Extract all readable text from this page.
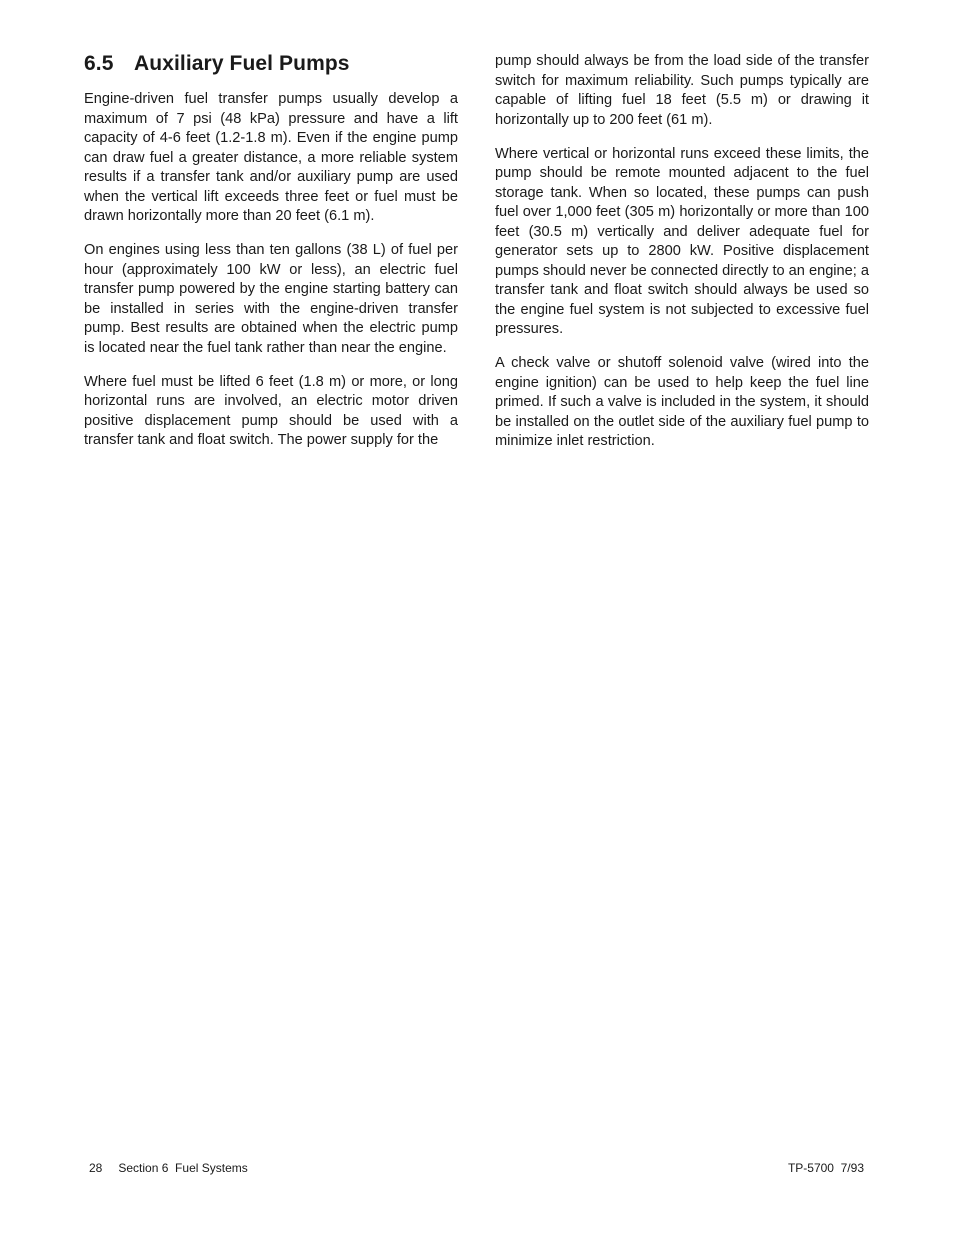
6.5 Auxiliary Fuel Pumps

Engine-driven fuel transfer pumps usually develop a maximum of 7 psi (48 kPa) pressure and have a lift capacity of 4-6 feet (1.2-1.8 m). Even if the engine pump can draw fuel a greater distance, a more reliable system results if a transfer tank and/or auxiliary pump are used when the vertical lift exceeds three feet or fuel must be drawn horizontally more than 20 feet (6.1 m).

On engines using less than ten gallons (38 L) of fuel per hour (approximately 100 kW or less), an electric fuel transfer pump powered by the engine starting battery can be installed in series with the engine-driven transfer pump. Best results are obtained when the electric pump is located near the fuel tank rather than near the engine.

Where fuel must be lifted 6 feet (1.8 m) or more, or long horizontal runs are involved, an electric motor driven positive displacement pump should be used with a transfer tank and float switch. The power supply for the

pump should always be from the load side of the transfer switch for maximum reliability. Such pumps typically are capable of lifting fuel 18 feet (5.5 m) or drawing it horizontally up to 200 feet (61 m).

Where vertical or horizontal runs exceed these limits, the pump should be remote mounted adjacent to the fuel storage tank. When so located, these pumps can push fuel over 1,000 feet (305 m) horizontally or more than 100 feet (30.5 m) vertically and deliver adequate fuel for generator sets up to 2800 kW. Positive displacement pumps should never be connected directly to an engine; a transfer tank and float switch should always be used so the engine fuel system is not subjected to excessive fuel pressures.

A check valve or shutoff solenoid valve (wired into the engine ignition) can be used to help keep the fuel line primed. If such a valve is included in the system, it should be installed on the outlet side of the auxiliary fuel pump to minimize inlet restriction.

28 Section 6  Fuel Systems	TP-5700  7/93
